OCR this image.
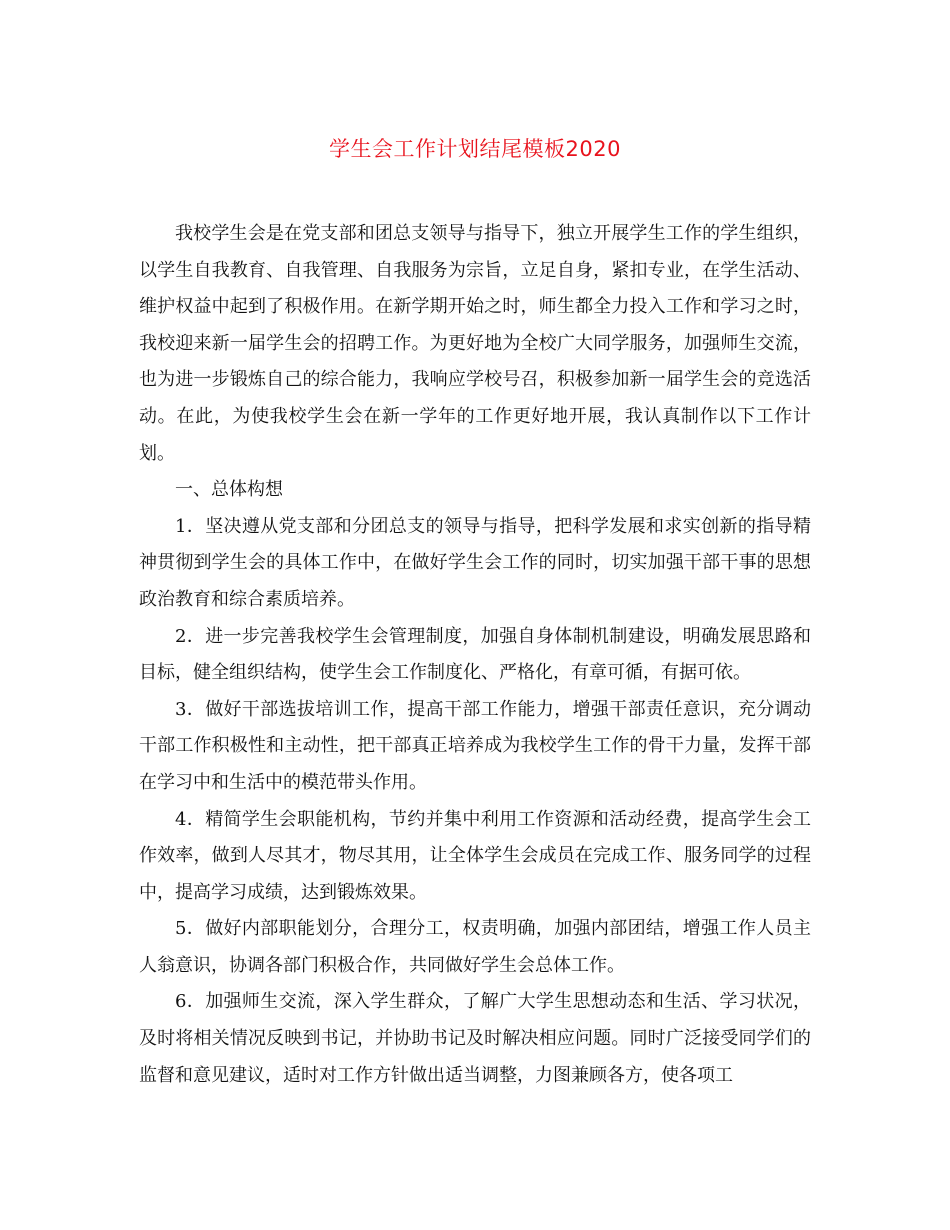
学生会工作计划结尾模板2020

我校学生会是在党支部和团总支领导与指导下，独立开展学生工作的学生组织，以学生自我教育、自我管理、自我服务为宗旨，立足自身，紧扣专业，在学生活动、维护权益中起到了积极作用。在新学期开始之时，师生都全力投入工作和学习之时，我校迎来新一届学生会的招聘工作。为更好地为全校广大同学服务，加强师生交流，也为进一步锻炼自己的综合能力，我响应学校号召，积极参加新一届学生会的竞选活动。在此，为使我校学生会在新一学年的工作更好地开展，我认真制作以下工作计划。

一、总体构想

1．坚决遵从党支部和分团总支的领导与指导，把科学发展和求实创新的指导精神贯彻到学生会的具体工作中，在做好学生会工作的同时，切实加强干部干事的思想政治教育和综合素质培养。

2．进一步完善我校学生会管理制度，加强自身体制机制建设，明确发展思路和目标，健全组织结构，使学生会工作制度化、严格化，有章可循，有据可依。

3．做好干部选拔培训工作，提高干部工作能力，增强干部责任意识，充分调动干部工作积极性和主动性，把干部真正培养成为我校学生工作的骨干力量，发挥干部在学习中和生活中的模范带头作用。

4．精简学生会职能机构，节约并集中利用工作资源和活动经费，提高学生会工作效率，做到人尽其才，物尽其用，让全体学生会成员在完成工作、服务同学的过程中，提高学习成绩，达到锻炼效果。

5．做好内部职能划分，合理分工，权责明确，加强内部团结，增强工作人员主人翁意识，协调各部门积极合作，共同做好学生会总体工作。

6．加强师生交流，深入学生群众，了解广大学生思想动态和生活、学习状况，及时将相关情况反映到书记，并协助书记及时解决相应问题。同时广泛接受同学们的监督和意见建议，适时对工作方针做出适当调整，力图兼顾各方，使各项工
